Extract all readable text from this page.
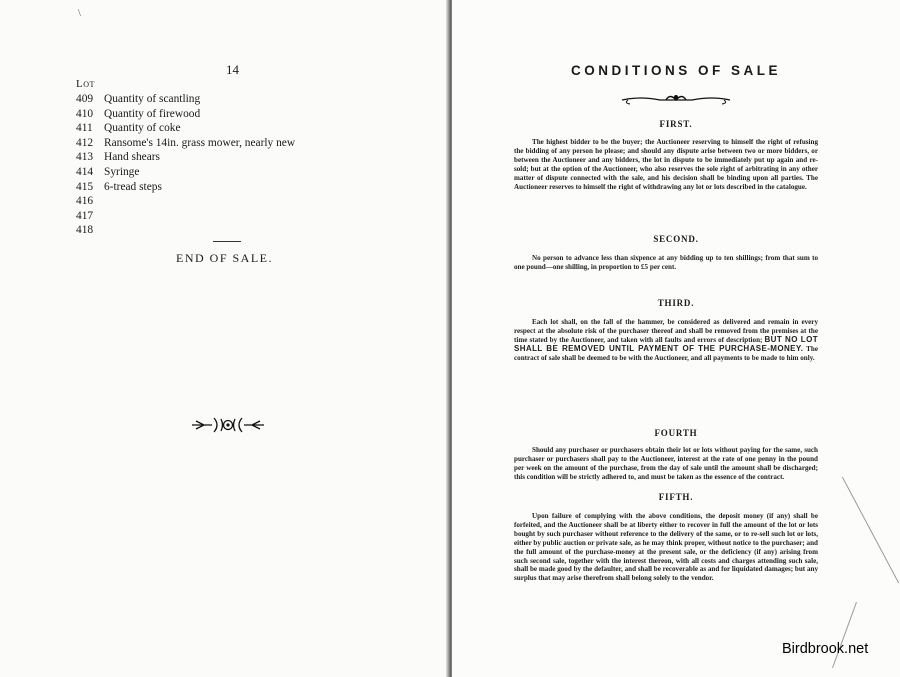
\
14
Lot
409 Quantity of scantling
410 Quantity of firewood
411 Quantity of coke
412 Ransome's 14in. grass mower, nearly new
413 Hand shears
414 Syringe
415 6-tread steps
416
417
418
END OF SALE.
CONDITIONS OF SALE
FIRST.

The highest bidder to be the buyer; the Auctioneer reserving to himself the right of refusing the bidding of any person he please; and should any dispute arise between two or more bidders, or between the Auctioneer and any bidders, the lot in dispute to be immediately put up again and re-sold; but at the option of the Auctioneer, who also reserves the sole right of arbitrating in any other matter of dispute connected with the sale, and his decision shall be binding upon all parties. The Auctioneer reserves to himself the right of withdrawing any lot or lots described in the catalogue.

SECOND.

No person to advance less than sixpence at any bidding up to ten shillings; from that sum to one pound—one shilling, in proportion to £5 per cent.

THIRD.

Each lot shall, on the fall of the hammer, be considered as delivered and remain in every respect at the absolute risk of the purchaser thereof and shall be removed from the premises at the time stated by the Auctioneer, and taken with all faults and errors of description; BUT NO LOT SHALL BE REMOVED UNTIL PAYMENT OF THE PURCHASE-MONEY. The contract of sale shall be deemed to be with the Auctioneer, and all payments to be made to him only.

FOURTH

Should any purchaser or purchasers obtain their lot or lots without paying for the same, such purchaser or purchasers shall pay to the Auctioneer, interest at the rate of one penny in the pound per week on the amount of the purchase, from the day of sale until the amount shall be discharged; this condition will be strictly adhered to, and must be taken as the essence of the contract.

FIFTH.

Upon failure of complying with the above conditions, the deposit money (if any) shall be forfeited, and the Auctioneer shall be at liberty either to recover in full the amount of the lot or lots bought by such purchaser without reference to the delivery of the same, or to re-sell such lot or lots, either by public auction or private sale, as he may think proper, without notice to the purchaser; and the full amount of the purchase-money at the present sale, or the deficiency (if any) arising from such second sale, together with the interest thereon, with all costs and charges attending such sale, shall be made good by the defaulter, and shall be recoverable as and for liquidated damages; but any surplus that may arise therefrom shall belong solely to the vendor.

Birdbrook.net
